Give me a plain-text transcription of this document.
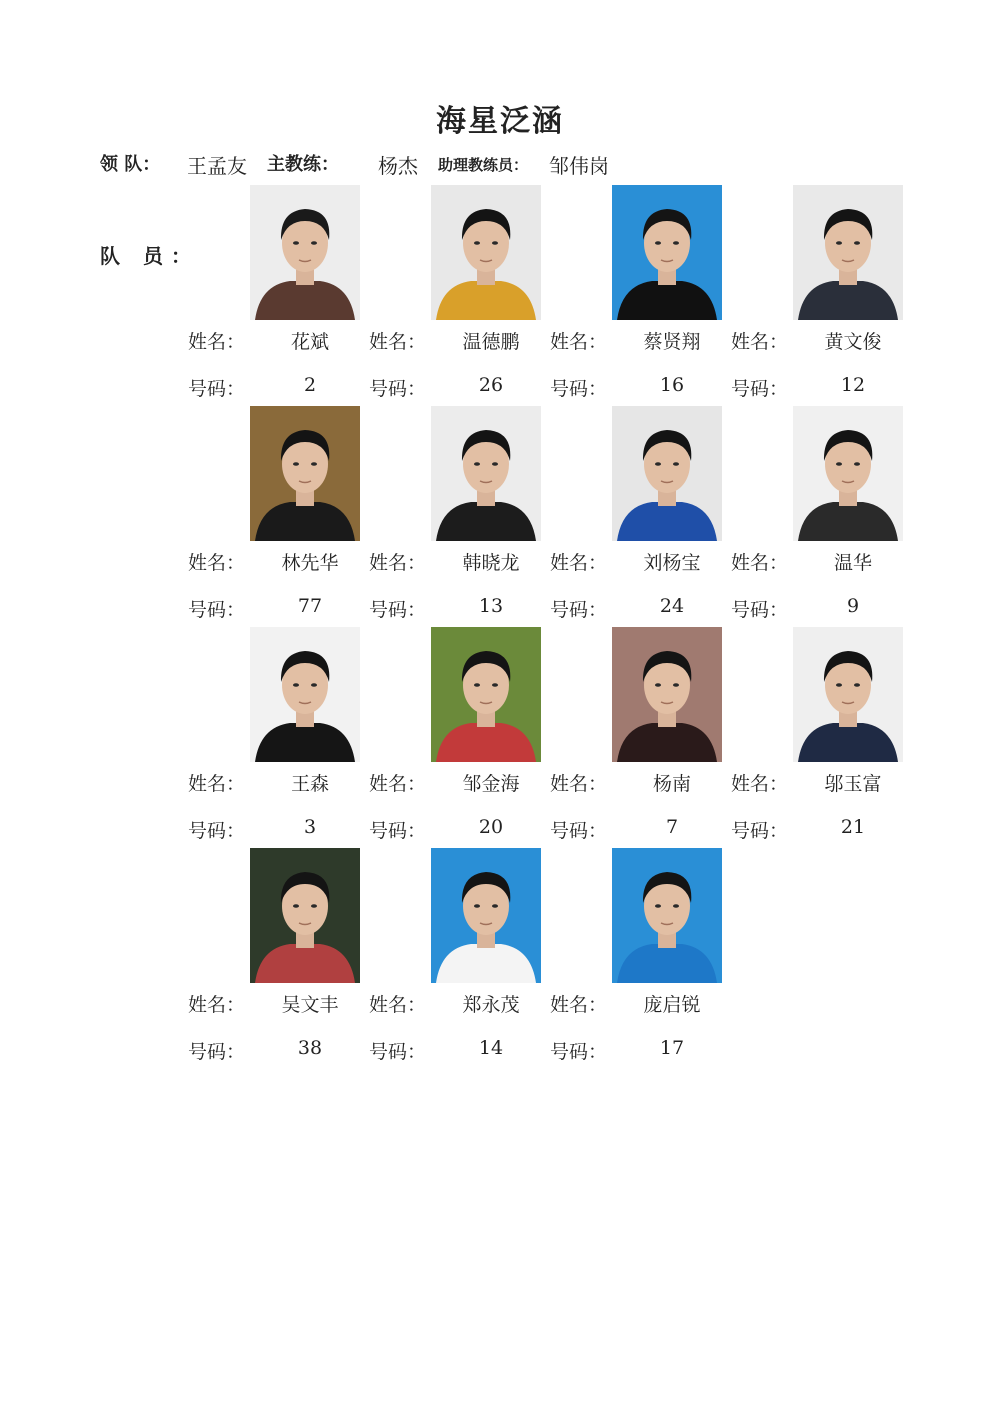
海星泛涵
领 队： 王孟友 主教练： 杨杰 助理教练员： 邹伟岗
队 员：
姓名：	花斌
号码：	2
姓名：	温德鹏
号码：	26
姓名：	蔡贤翔
号码：	16
姓名：	黄文俊
号码：	12
姓名：	林先华
号码：	77
姓名：	韩晓龙
号码：	13
姓名：	刘杨宝
号码：	24
姓名：	温华
号码：	9
姓名：	王森
号码：	3
姓名：	邹金海
号码：	20
姓名：	杨南
号码：	7
姓名：	邬玉富
号码：	21
姓名：	吴文丰
号码：	38
姓名：	郑永茂
号码：	14
姓名：	庞启锐
号码：	17
